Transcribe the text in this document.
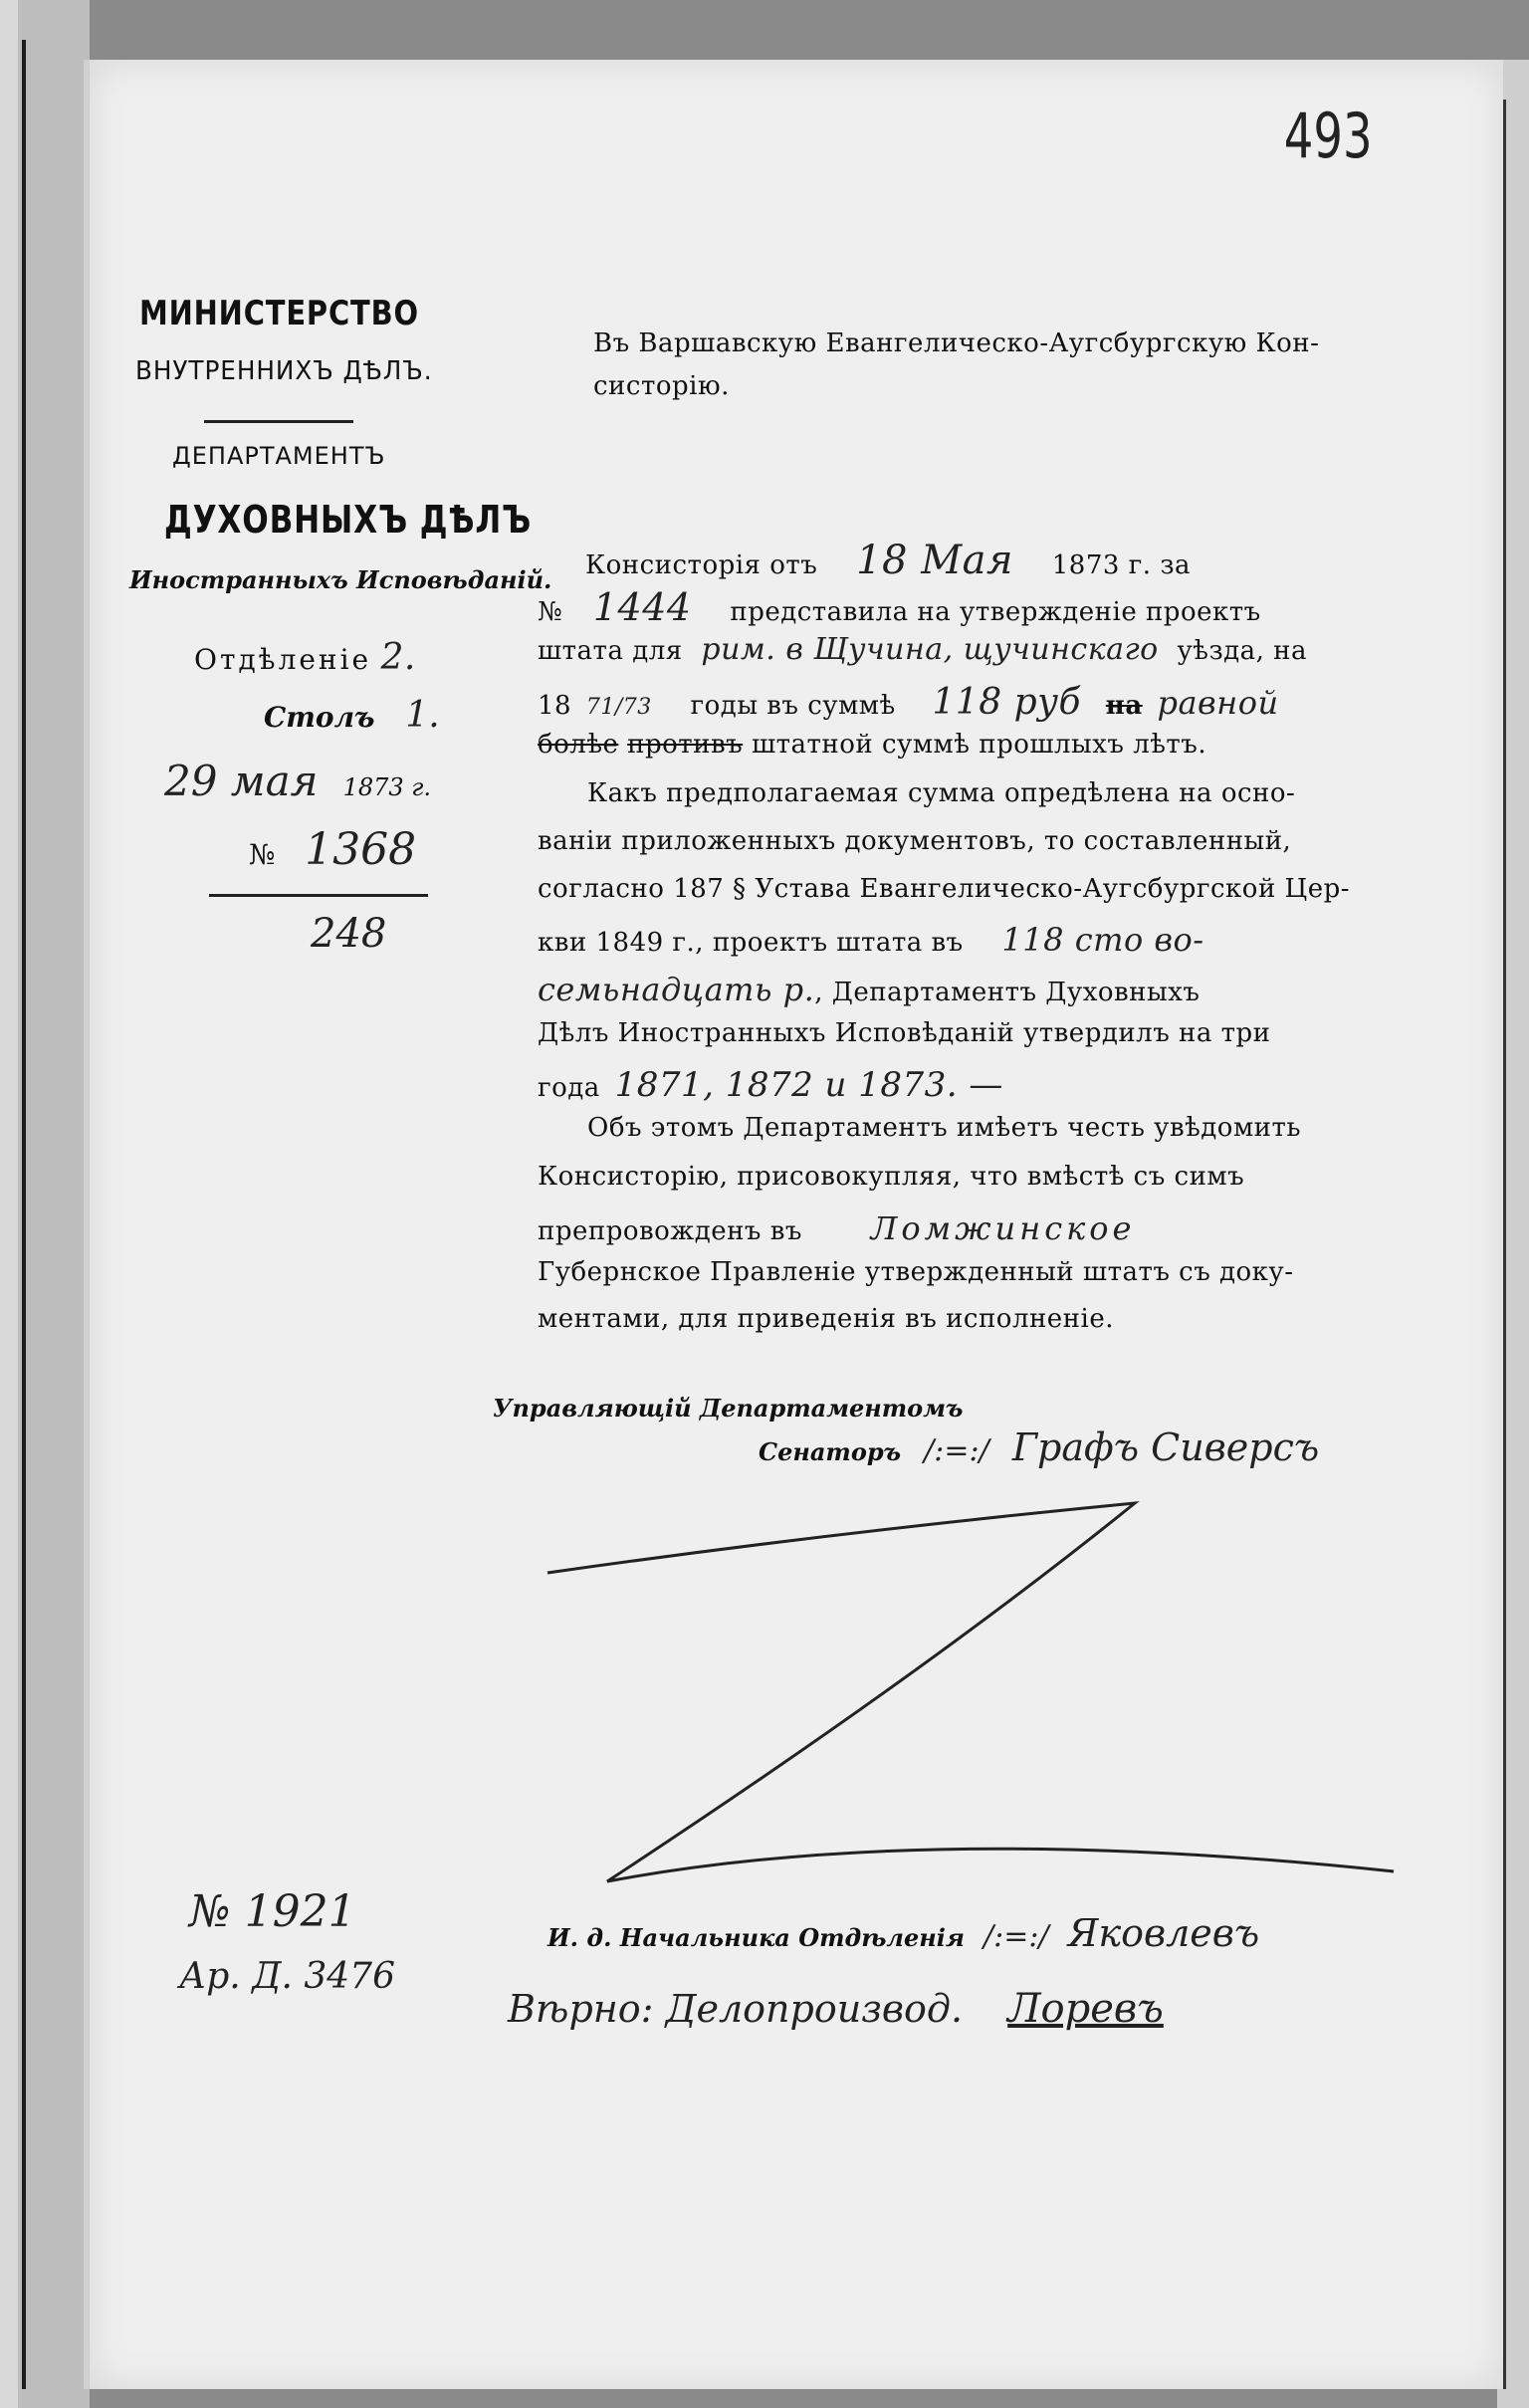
493
МИНИСТЕРСТВО
ВНУТРЕННИХЪ ДѢЛЪ.
ДЕПАРТАМЕНТЪ
ДУХОВНЫХЪ ДѢЛЪ
Иностранныхъ Исповѣданій.
Отдѣленіе 2.
Столъ 1.
29 мая 1873 г.
№ 1368
248
Въ Варшавскую Евангелическо-Аугсбургскую Кон-
систорію.
Консисторія отъ 18 Мая 1873 г. за
№ 1444 представила на утвержденіе проектъ
штата для рим. в Щучина, щучинскаго уѣзда, на
18 71/73 годы въ суммѣ 118 руб на равной
болѣе противъ штатной суммѣ прошлыхъ лѣтъ.
Какъ предполагаемая сумма опредѣлена на осно-
ваніи приложенныхъ документовъ, то составленный,
согласно 187 § Устава Евангелическо-Аугсбургской Цер-
кви 1849 г., проектъ штата въ 118 сто во-
семьнадцать р., Департаментъ Духовныхъ
Дѣлъ Иностранныхъ Исповѣданій утвердилъ на три
года 1871, 1872 и 1873. —
Объ этомъ Департаментъ имѣетъ честь увѣдомить
Консисторію, присовокупляя, что вмѣстѣ съ симъ
препровожденъ въ Ломжинское
Губернское Правленіе утвержденный штатъ съ доку-
ментами, для приведенія въ исполненіе.
Управляющій Департаментомъ
Сенаторъ /:=:/ Графъ Сиверсъ
№ 1921
Ар. Д. 3476
И. д. Начальника Отдѣленія /:=:/ Яковлевъ
Вѣрно: Делопроизвод. Лоревъ
